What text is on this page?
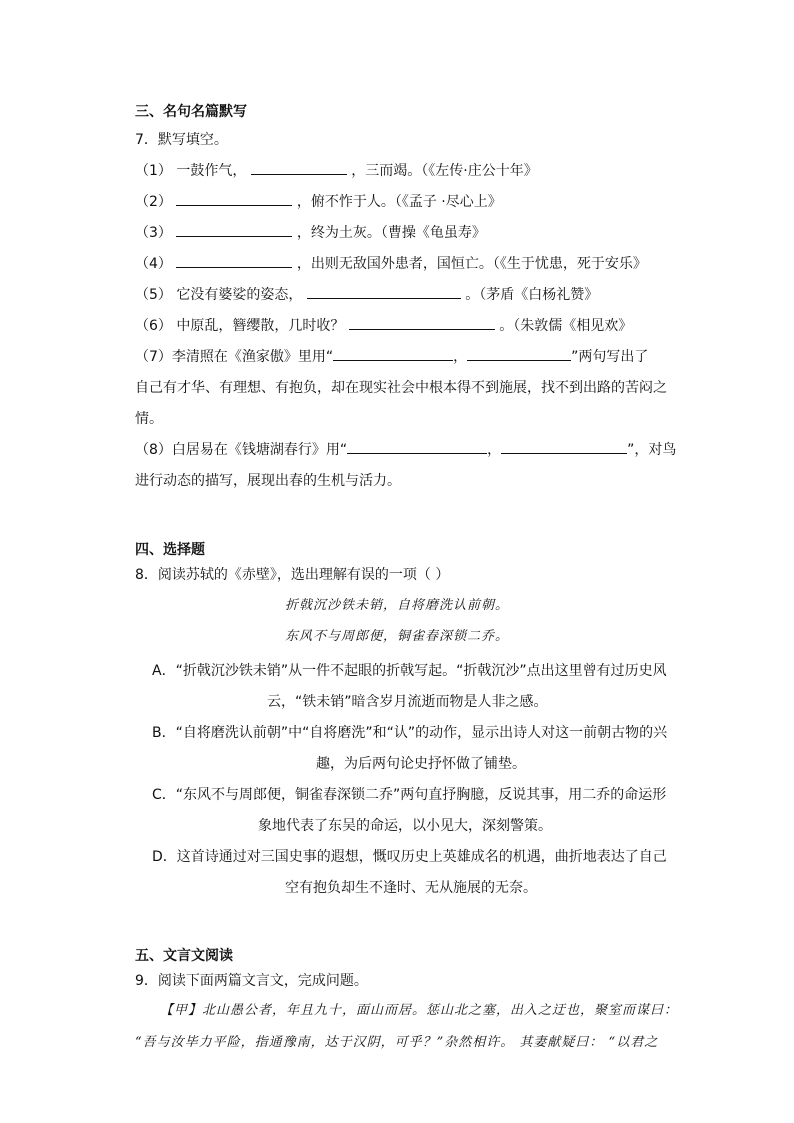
三、名句名篇默写
7．默写填空。
（1） 一鼓作气，	，三而竭。（《左传·庄公十年》
（2）	，俯不怍于人。（《孟子 ·尽心上》
（3）	，终为土灰。（曹操《龟虽寿》
（4）	，出则无敌国外患者，国恒亡。（《生于忧患，死于安乐》
（5） 它没有婆娑的姿态，	。（茅盾《白杨礼赞》
（6） 中原乱，簪缨散，几时收？	。（朱敦儒《相见欢》
（7）李清照在《渔家傲》里用“	，	”两句写出了
自己有才华、有理想、有抱负，却在现实社会中根本得不到施展，找不到出路的苦闷之
情。
（8）白居易在《钱塘湖春行》用“	，	”，对鸟
进行动态的描写，展现出春的生机与活力。
四、选择题
8．阅读苏轼的《赤壁》，选出理解有误的一项（ ）
折戟沉沙铁未销，自将磨洗认前朝。
东风不与周郎便，铜雀春深锁二乔。
A．“折戟沉沙铁未销”从一件不起眼的折戟写起。“折戟沉沙”点出这里曾有过历史风
云，“铁未销”暗含岁月流逝而物是人非之感。
B．“自将磨洗认前朝”中“自将磨洗”和“认”的动作，显示出诗人对这一前朝古物的兴
趣，为后两句论史抒怀做了铺垫。
C．“东风不与周郎便，铜雀春深锁二乔”两句直抒胸臆，反说其事，用二乔的命运形
象地代表了东吴的命运，以小见大，深刻警策。
D．这首诗通过对三国史事的遐想，慨叹历史上英雄成名的机遇，曲折地表达了自己
空有抱负却生不逢时、无从施展的无奈。
五、文言文阅读
9．阅读下面两篇文言文，完成问题。
【甲】北山愚公者，年且九十，面山而居。惩山北之塞，出入之迂也，聚室而谋曰：
“吾与汝毕力平险，指通豫南，达于汉阴，可乎？”杂然相许。 其妻献疑曰： “以君之
